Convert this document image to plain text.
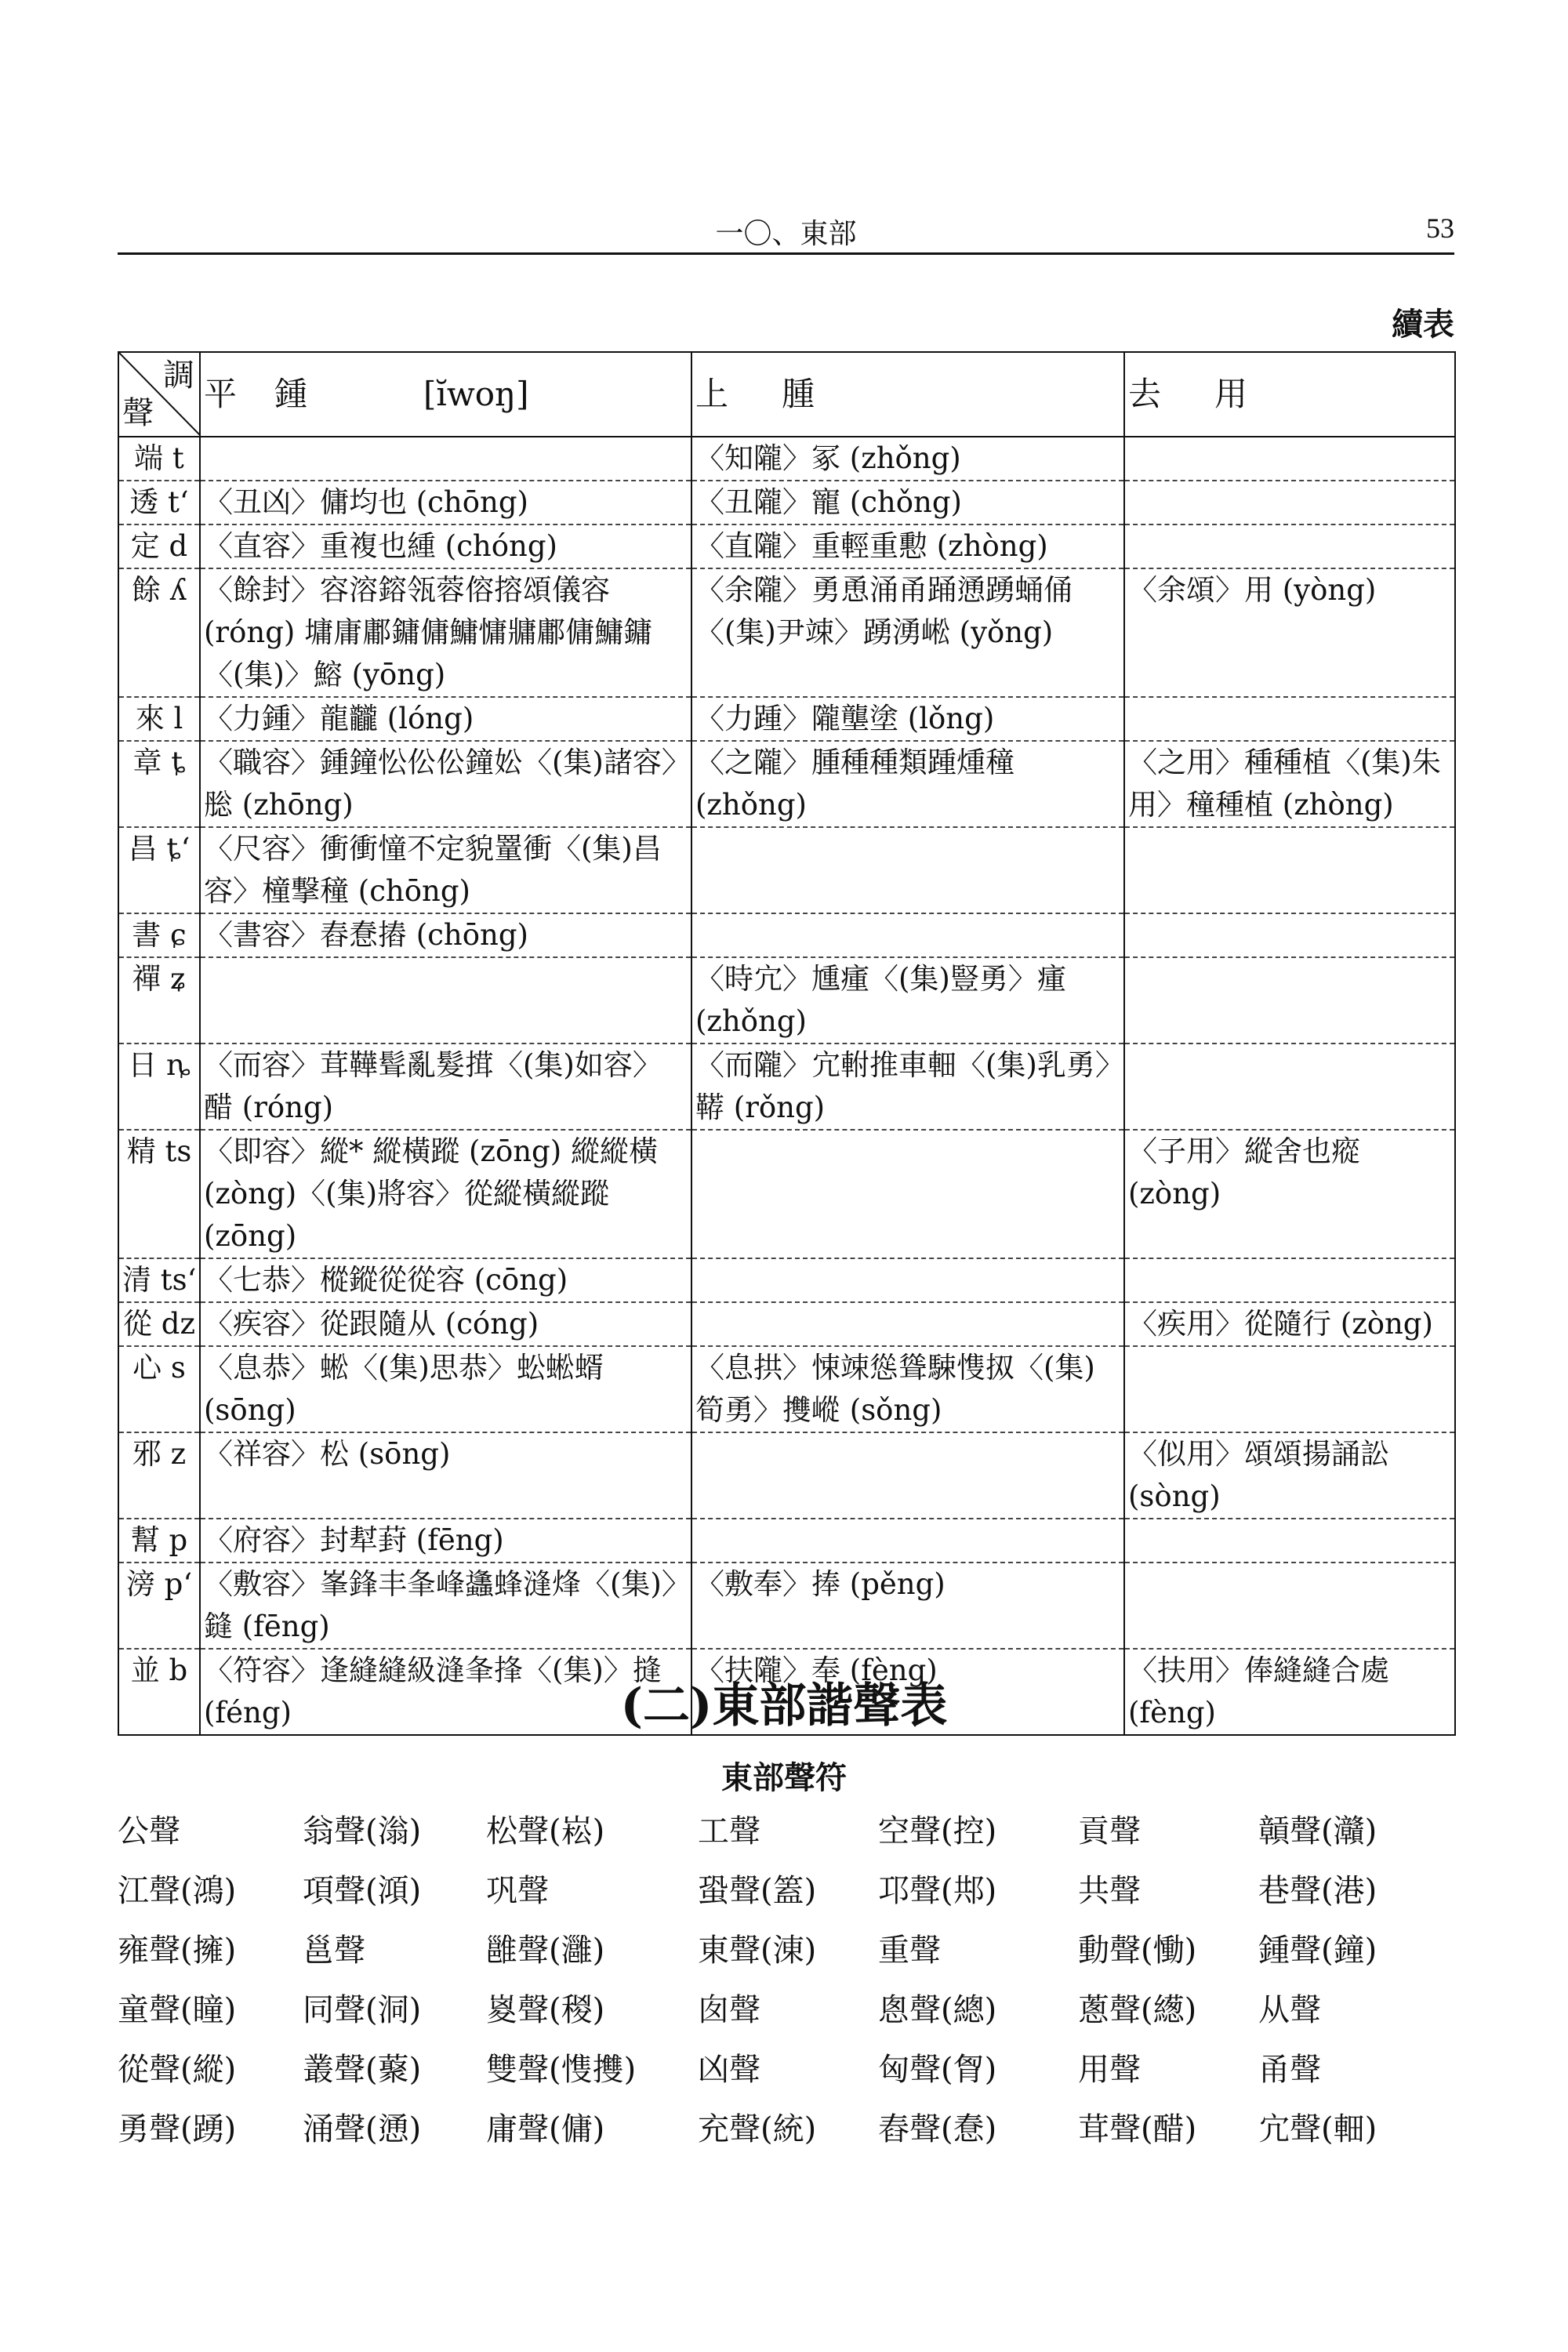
一〇、東部	53
續表
調
聲	平 鍾 [ĭwoŋ]	上 腫	去 用
端 t		〈知隴〉冢 (zhǒng)	
透 tʻ	〈丑凶〉傭均也 (chōng)	〈丑隴〉寵 (chǒng)	
定 d	〈直容〉重複也緟 (chóng)	〈直隴〉重輕重憅 (zhòng)	
餘 ʎ	〈餘封〉容溶鎔瓴蓉傛搈頌儀容 (róng) 墉庸鄘鏞傭鱅慵牅鄘傭鱅鏞〈(集)〉鰫 (yōng)	〈余隴〉勇恿涌甬踊慂踴蛹俑〈(集)尹竦〉踴湧㟣 (yǒng)	〈余頌〉用 (yòng)
來 l	〈力鍾〉龍龖 (lóng)	〈力踵〉隴壟塗 (lǒng)	
章 ȶ	〈職容〉鍾鐘忪伀伀鐘妐〈(集)諸容〉㥖 (zhōng)	〈之隴〉腫種種類踵煄穜 (zhǒng)	〈之用〉種種植〈(集)朱用〉穜種植 (zhòng)
昌 ȶʻ	〈尺容〉衝衝憧不定貌罿衝〈(集)昌容〉橦撃穜 (chōng)		
書 ɕ	〈書容〉舂惷摏 (chōng)		
禪 ʑ		〈時宂〉尰瘇〈(集)豎勇〉瘇 (zhǒng)	
日 ȵ	〈而容〉茸鞾髶亂髮搑〈(集)如容〉醋 (róng)	〈而隴〉宂軵推車䡒〈(集)乳勇〉鞯 (rǒng)	
精 ts	〈即容〉縱* 縱橫蹤 (zōng) 縱縱橫 (zòng)〈(集)將容〉從縱橫縱蹤 (zōng)		〈子用〉縱舍也瘲 (zòng)
清 tsʻ	〈七恭〉樅鏦從從容 (cōng)		
從 dz	〈疾容〉從跟隨从 (cóng)		〈疾用〉從隨行 (zòng)
心 s	〈息恭〉蜙〈(集)思恭〉蚣蜙蝑 (sōng)	〈息拱〉悚竦慫聳駷愯㧐〈(集)筍勇〉㩳嵷 (sǒng)	
邪 z	〈祥容〉松 (sōng)		〈似用〉頌頌揚誦訟 (sòng)
幫 p	〈府容〉封犎葑 (fēng)		
滂 pʻ	〈敷容〉峯鋒丰夆峰蠭蜂漨烽〈(集)〉鏠 (fēng)	〈敷奉〉捧 (pěng)	
並 b	〈符容〉逢縫縫級漨夆捀〈(集)〉摓 (féng)	〈扶隴〉奉 (fèng)	〈扶用〉俸縫縫合處 (fèng)
(二)東部諧聲表
東部聲符
公聲	翁聲(滃) 松聲(崧)	工聲	空聲(控)	貢聲	贑聲(灨)
江聲(鴻) 項聲(澒) 巩聲	蛩聲(篕) 邛聲(䢼)	共聲	巷聲(港)
雍聲(擁) 邕聲	雝聲(灉)	東聲(涷) 重聲	動聲(慟) 鍾聲(鐘)
童聲(瞳) 同聲(洞) 嵏聲(稯)	囱聲	悤聲(總)	蔥聲(繱) 从聲
從聲(縱) 叢聲(藂) 雙聲(愯㩳) 凶聲	匈聲(胷)	用聲	甬聲
勇聲(踴) 涌聲(慂) 庸聲(傭)	充聲(統) 舂聲(惷)	茸聲(醋) 宂聲(䡒)
